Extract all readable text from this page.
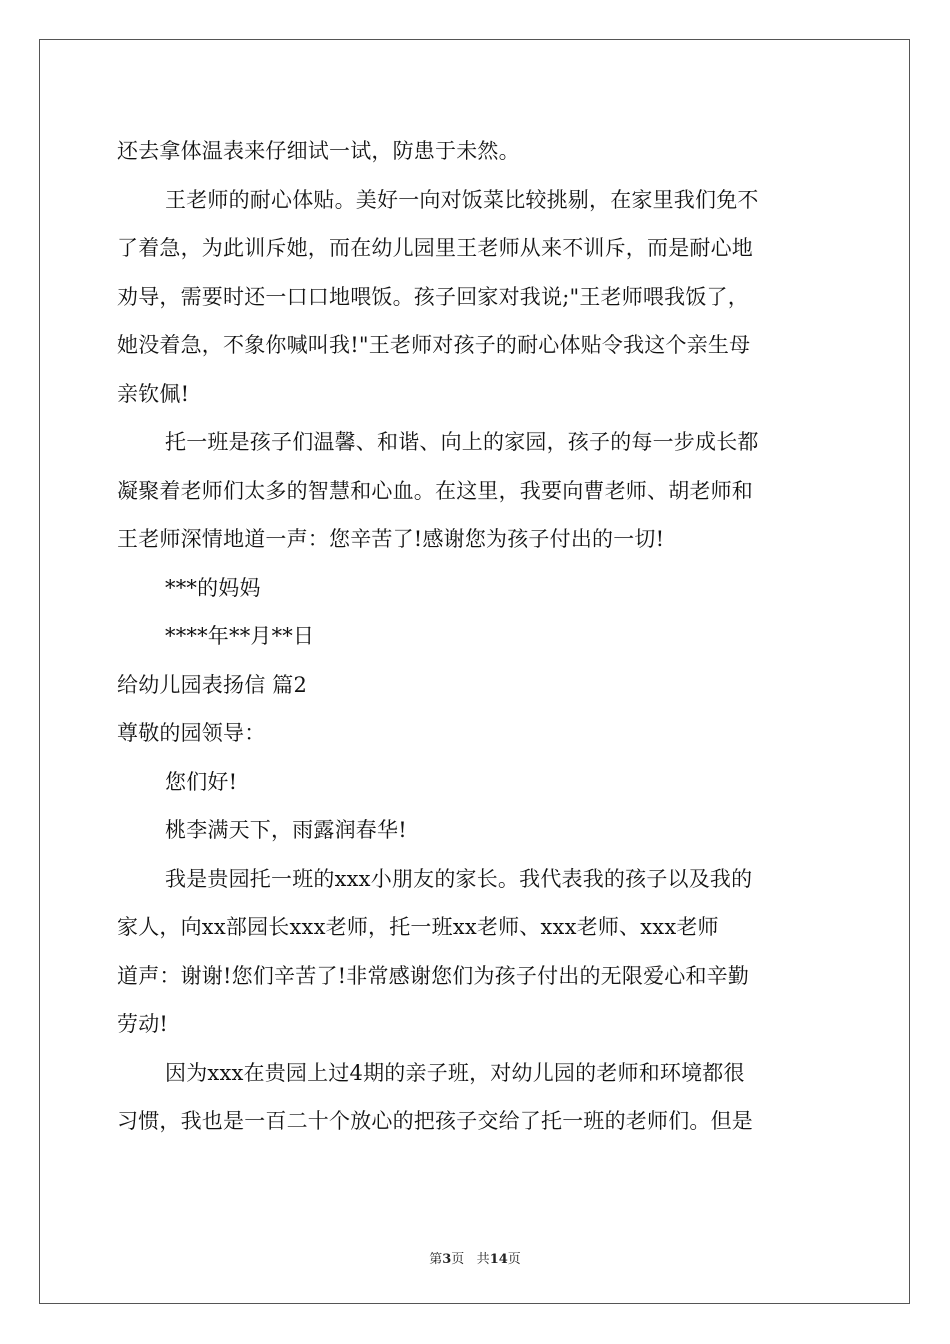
还去拿体温表来仔细试一试，防患于未然。
王老师的耐心体贴。美好一向对饭菜比较挑剔，在家里我们免不
了着急，为此训斥她，而在幼儿园里王老师从来不训斥，而是耐心地
劝导，需要时还一口口地喂饭。孩子回家对我说;"王老师喂我饭了，
她没着急，不象你喊叫我!"王老师对孩子的耐心体贴令我这个亲生母
亲钦佩!
托一班是孩子们温馨、和谐、向上的家园，孩子的每一步成长都
凝聚着老师们太多的智慧和心血。在这里，我要向曹老师、胡老师和
王老师深情地道一声：您辛苦了!感谢您为孩子付出的一切!
***的妈妈
****年**月**日
给幼儿园表扬信 篇2
尊敬的园领导：
您们好!
桃李满天下，雨露润春华!
我是贵园托一班的xxx小朋友的家长。我代表我的孩子以及我的
家人，向xx部园长xxx老师，托一班xx老师、xxx老师、xxx老师
道声：谢谢!您们辛苦了!非常感谢您们为孩子付出的无限爱心和辛勤
劳动!
因为xxx在贵园上过4期的亲子班，对幼儿园的老师和环境都很
习惯，我也是一百二十个放心的把孩子交给了托一班的老师们。但是
第3页 共14页
